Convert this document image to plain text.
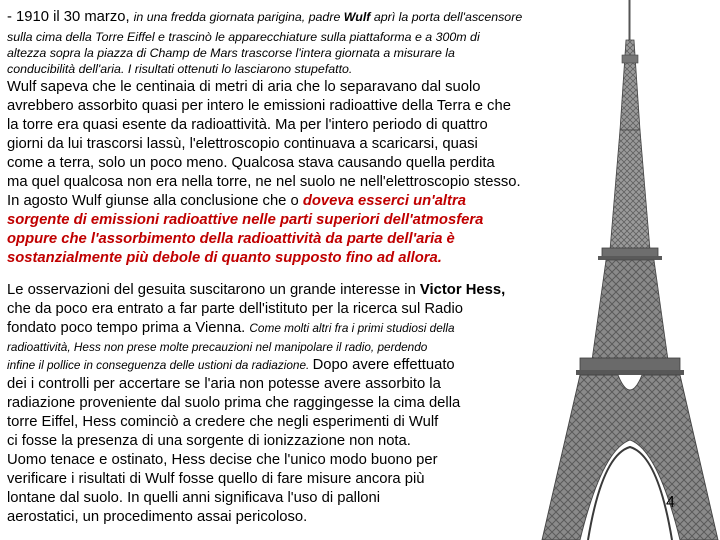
- 1910 il 30 marzo, in una fredda giornata parigina, padre Wulf aprì la porta dell'ascensore
sulla cima della Torre Eiffel e trascinò le apparecchiature sulla piattaforma e a 300m di
altezza sopra la piazza di Champ de Mars trascorse l'intera giornata a misurare la
conducibilità dell'aria. I risultati ottenuti lo lasciarono stupefatto.
Wulf sapeva che le centinaia di metri di aria che lo separavano dal suolo
avrebbero assorbito quasi per intero le emissioni radioattive della Terra e che
la torre era quasi esente da radioattività. Ma per l'intero periodo di quattro
giorni da lui trascorsi lassù, l'elettroscopio continuava a scaricarsi, quasi
come a terra, solo un poco meno. Qualcosa stava causando quella perdita
ma quel qualcosa non era nella torre, ne nel suolo ne nell'elettroscopio stesso.
In agosto Wulf giunse alla conclusione che o doveva esserci un'altra
sorgente di emissioni radioattive nelle parti superiori dell'atmosfera
oppure che l'assorbimento della radioattività da parte dell'aria è
sostanzialmente più debole di quanto supposto fino ad allora.
Le osservazioni del gesuita suscitarono un grande interesse in Victor Hess,
che da poco era entrato a far parte dell'istituto per la ricerca sul Radio
fondato poco tempo prima a Vienna. Come molti altri fra i primi studiosi della
radioattività, Hess non prese molte precauzioni nel manipolare il radio, perdendo
infine il pollice in conseguenza delle ustioni da radiazione. Dopo avere effettuato
dei i controlli per accertare se l'aria non potesse avere assorbito la
radiazione proveniente dal suolo prima che raggingesse la cima della
torre Eiffel, Hess cominciò a credere che negli esperimenti di Wulf
ci fosse la presenza di una sorgente di ionizzazione non nota.
Uomo tenace e ostinato, Hess decise che l'unico modo buono per
verificare i risultati di Wulf fosse quello di fare misure ancora più
lontane dal suolo. In quelli anni significava l'uso di palloni
aerostatici, un procedimento assai pericoloso.
4
